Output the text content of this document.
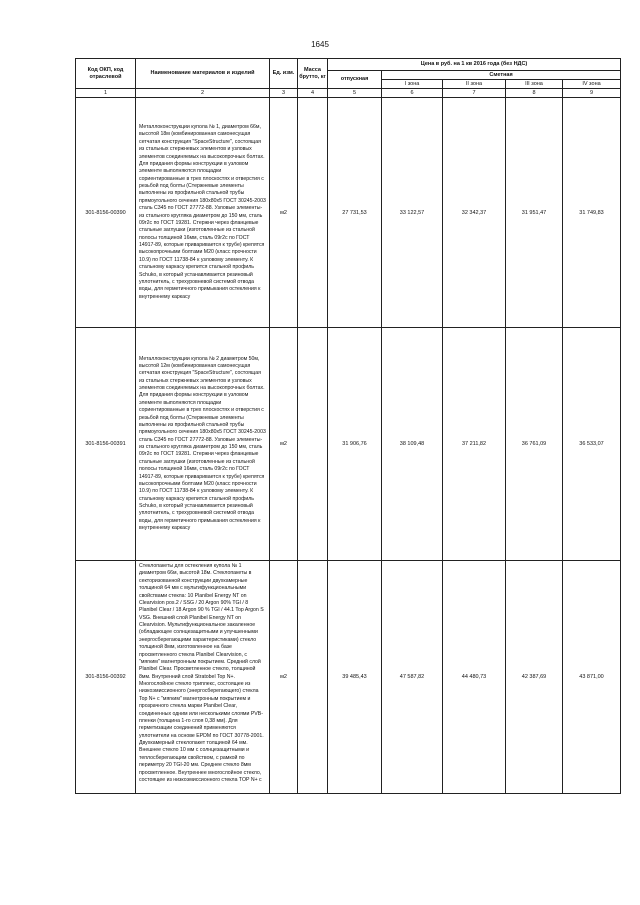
1645
Код ОКП, код отраслевой	Наименование материалов и изделий	Ед. изм.	Масса брутто, кг	Цена в руб. на 1 кв 2016 года (без НДС)				
				отпускная	Сметная			
					I зона	II зона	III зона	IV зона
1	2	3	4	5	6	7	8	9
301-8156-00390	Металлоконструкции купола № 1, диаметром 66м, высотой 18м (комбинированная самонесущая сетчатая конструкция "SpaceStructure", состоящая из стальных стержневых элементов и узловых элементов соединяемых на высокопрочных болтах. Для придания формы конструкции в узловом элементе выполняются площадки сориентированные в трех плоскостях и отверстия с резьбой под болты (Стержневые элементы выполнены из профильной стальной трубы прямоугольного сечения 180х80х5 ГОСТ 30245-2003 сталь С345 по ГОСТ 27772-88. Узловые элементы- из стального кругляка диаметром до 150 мм, сталь 09г2с по ГОСТ 19281. Стержни через фланцевые стальные заглушки (изготовленные из стальной полосы толщиной 16мм, сталь 09г2с по ГОСТ 14917-89, которые приваривается к трубе) крепятся высокопрочными болтами М20 (класс прочности 10.9) по ГОСТ 11738-84 к узловому элементу. К стальному каркасу крепится стальной профиль Schuko, в который устанавливается резиновый уплотнитель, с трехуровневой системой отвода воды, для герметичного примыкания остекления к внутреннему каркасу	м2		27 731,53	33 122,57	32 342,37	31 951,47	31 749,83
301-8156-00391	Металлоконструкции купола № 2 диаметром 50м, высотой 12м (комбинированная самонесущая сетчатая конструкция "SpaceStructure", состоящая из стальных стержневых элементов и узловых элементов соединяемых на высокопрочных болтах. Для придания формы конструкции в узловом элементе выполняются площадки сориентированные в трех плоскостях и отверстия с резьбой под болты (Стержневые элементы выполнены из профильной стальной трубы прямоугольного сечения 180х80х5 ГОСТ 30245-2003 сталь С345 по ГОСТ 27772-88. Узловые элементы- из стального кругляка диаметром до 150 мм, сталь 09г2с по ГОСТ 19281. Стержни через фланцевые стальные заглушки (изготовленные из стальной полосы толщиной 16мм, сталь 09г2с по ГОСТ 14917-89, которые приваривается к трубе) крепятся высокопрочными болтами М20 (класс прочности 10.9) по ГОСТ 11738-84 к узловому элементу. К стальному каркасу крепится стальной профиль Schuko, в который устанавливается резиновый уплотнитель, с трехуровневой системой отвода воды, для герметичного примыкания остекления к внутреннему каркасу	м2		31 906,76	38 109,48	37 211,82	36 761,09	36 533,07
301-8156-00392	Стеклопакеты для остекления купола № 1 диаметром 66м, высотой 18м. Стеклопакеты в секторизованной конструкции двухкамерные толщиной 64 мм с мультифункциональными свойствами стекла: 10 Planibel Energy NT on Clearvision pos.2 / SSG / 20 Argon 90% TGI / 8 Planibel Clear / 18 Argon 90 % TGI / 44.1 Top Argon S VSG. Внешний слой Planibel Energy NT on Clearvision. Мультифункциональное закаленное (обладающее солнцезащитными и улучшенными энергосберегающими характеристиками) стекло толщиной 8мм, изготовленное на базе просветленного стекла Planibel Clearvision, с "мягким" магнетронным покрытием. Средний слой Planibel Clear. Просветленное стекло, толщиной 8мм. Внутренний слой Stratobel Top N+. Многослойное стекло триплекс, состоящее из низкоэмиссионного (энергосберегающего) стекла Top N+ с "мягким" магнетронным покрытием и прозрачного стекла марки Planibel Clear, соединенных одним или несколькими слоями PVB-пленки (толщина 1-го слоя 0,38 мм). Для герметизации соединений применяются уплотнители на основе EPDM по ГОСТ 30778-2001. Двухкамерный стеклопакет толщиной 64 мм. Внешнее стекло 10 мм с солнцезащитными и теплосберегающим свойством, с рамкой по периметру 20 TGI-20 мм. Среднее стекло 8мм просветленное. Внутреннее многослойное стекло, состоящее из низкоэмиссионного стекла TOP N+ с	м2		39 485,43	47 587,82	44 480,73	42 387,69	43 871,00
